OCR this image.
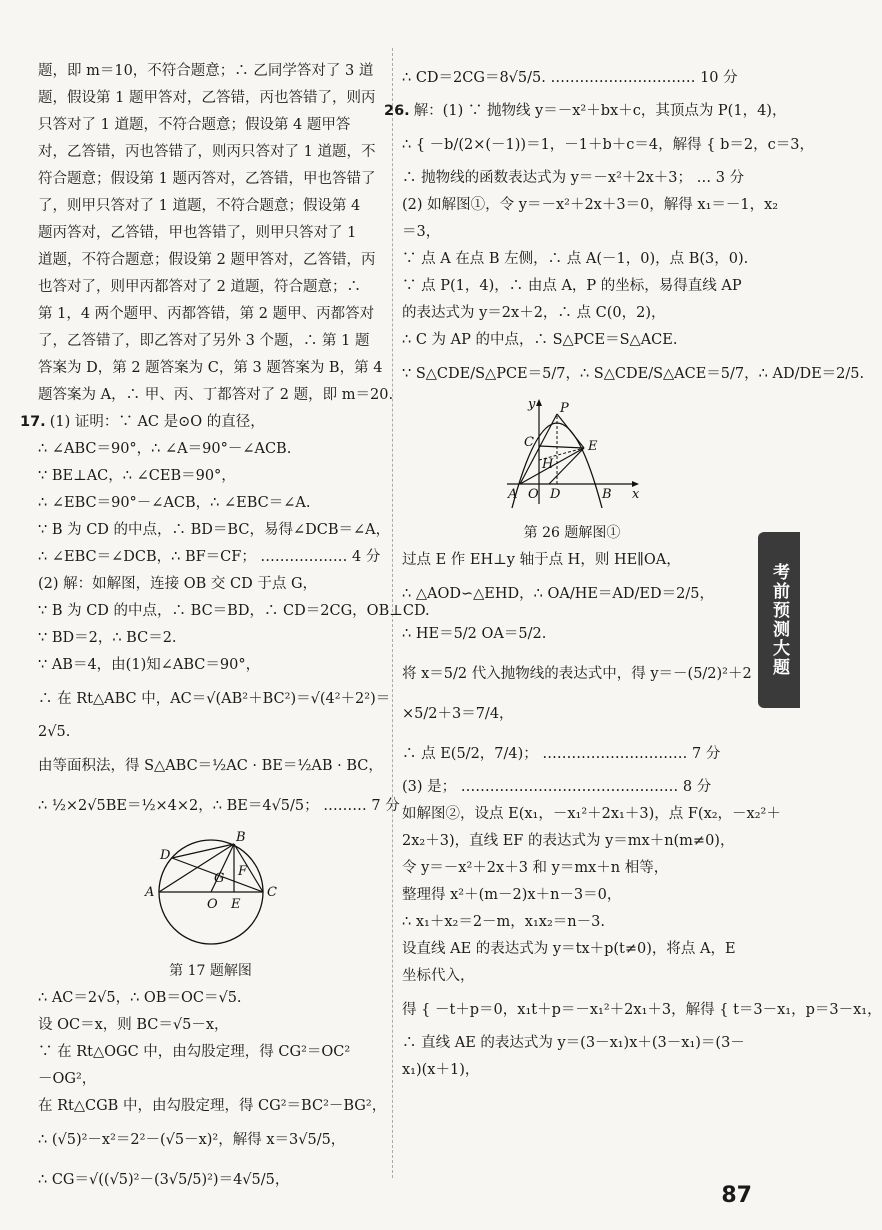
题，即 m＝10，不符合题意；∴ 乙同学答对了 3 道
题，假设第 1 题甲答对，乙答错，丙也答错了，则丙
只答对了 1 道题，不符合题意；假设第 4 题甲答
对，乙答错，丙也答错了，则丙只答对了 1 道题，不
符合题意；假设第 1 题丙答对，乙答错，甲也答错了
了，则甲只答对了 1 道题，不符合题意；假设第 4
题丙答对，乙答错，甲也答错了，则甲只答对了 1
道题，不符合题意；假设第 2 题甲答对，乙答错，丙
也答对了，则甲丙都答对了 2 道题，符合题意；∴
第 1，4 两个题甲、丙都答错，第 2 题甲、丙都答对
了，乙答错了，即乙答对了另外 3 个题，∴ 第 1 题
答案为 D，第 2 题答案为 C，第 3 题答案为 B，第 4
题答案为 A，∴ 甲、丙、丁都答对了 2 题，即 m＝20.
17. (1) 证明：∵ AC 是⊙O 的直径，
∴ ∠ABC＝90°，∴ ∠A＝90°－∠ACB.
∵ BE⊥AC，∴ ∠CEB＝90°，
∴ ∠EBC＝90°－∠ACB，∴ ∠EBC＝∠A.
∵ B 为 CD 的中点，∴ BD＝BC，易得∠DCB＝∠A，
∴ ∠EBC＝∠DCB，∴ BF＝CF； ……………… 4 分
(2) 解：如解图，连接 OB 交 CD 于点 G，
∵ B 为 CD 的中点，∴ BC＝BD，∴ CD＝2CG，OB⊥CD.
∵ BD＝2，∴ BC＝2.
∵ AB＝4，由(1)知∠ABC＝90°，
∴ 在 Rt△ABC 中，AC＝√(AB²＋BC²)＝√(4²＋2²)＝
2√5.
由等面积法，得 S△ABC＝½AC · BE＝½AB · BC，
∴ ½×2√5BE＝½×4×2，∴ BE＝4√5/5； ……… 7 分
B
D
A	C
O E
G F
第 17 题解图
∴ AC＝2√5，∴ OB＝OC＝√5.
设 OC＝x，则 BC＝√5－x，
∵ 在 Rt△OGC 中，由勾股定理，得 CG²＝OC²
－OG²，
在 Rt△CGB 中，由勾股定理，得 CG²＝BC²－BG²，
∴ (√5)²－x²＝2²－(√5－x)²，解得 x＝3√5/5，
∴ CG＝√((√5)²－(3√5/5)²)＝4√5/5，
∴ CD＝2CG＝8√5/5. ………………………… 10 分
26. 解：(1) ∵ 抛物线 y＝－x²＋bx＋c，其顶点为 P(1，4)，
∴ { －b/(2×(－1))＝1，－1＋b＋c＝4，解得 { b＝2，c＝3，
∴ 抛物线的函数表达式为 y＝－x²＋2x＋3； … 3 分
(2) 如解图①，令 y＝－x²＋2x＋3＝0，解得 x₁＝－1，x₂
＝3，
∵ 点 A 在点 B 左侧，∴ 点 A(－1，0)，点 B(3，0).
∵ 点 P(1，4)，∴ 由点 A，P 的坐标，易得直线 AP
的表达式为 y＝2x＋2，∴ 点 C(0，2)，
∴ C 为 AP 的中点，∴ S△PCE＝S△ACE.
∵ S△CDE/S△PCE＝5/7，∴ S△CDE/S△ACE＝5/7，∴ AD/DE＝2/5.
y P
C	E
H
A O D	B x
第 26 题解图①
过点 E 作 EH⊥y 轴于点 H，则 HE∥OA，
∴ △AOD∽△EHD，∴ OA/HE＝AD/ED＝2/5，
∴ HE＝5/2 OA＝5/2.
将 x＝5/2 代入抛物线的表达式中，得 y＝－(5/2)²＋2
×5/2＋3＝7/4，
∴ 点 E(5/2，7/4)； ………………………… 7 分
(3) 是； ……………………………………… 8 分
如解图②，设点 E(x₁，－x₁²＋2x₁＋3)，点 F(x₂，－x₂²＋
2x₂＋3)，直线 EF 的表达式为 y＝mx＋n(m≠0)，
令 y＝－x²＋2x＋3 和 y＝mx＋n 相等，
整理得 x²＋(m－2)x＋n－3＝0，
∴ x₁＋x₂＝2－m，x₁x₂＝n－3.
设直线 AE 的表达式为 y＝tx＋p(t≠0)，将点 A，E
坐标代入，
得 { －t＋p＝0，x₁t＋p＝－x₁²＋2x₁＋3，解得 { t＝3－x₁，p＝3－x₁，
∴ 直线 AE 的表达式为 y＝(3－x₁)x＋(3－x₁)＝(3－
x₁)(x＋1)，
考前预测大题
87
